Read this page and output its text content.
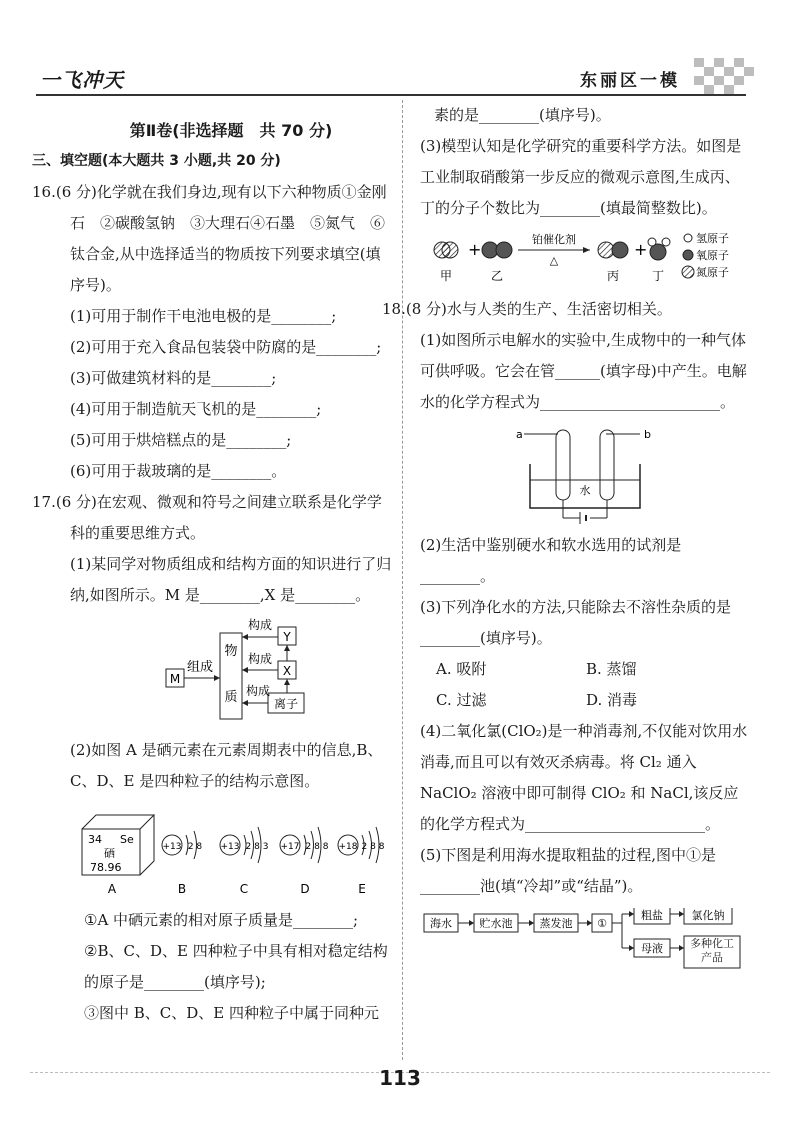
一飞冲天	东丽区一模
第Ⅱ卷(非选择题　共 70 分)
三、填空题(本大题共 3 小题,共 20 分)
16.(6 分)化学就在我们身边,现有以下六种物质①金刚石　②碳酸氢钠　③大理石④石墨　⑤氮气　⑥钛合金,从中选择适当的物质按下列要求填空(填序号)。
(1)可用于制作干电池电极的是________;
(2)可用于充入食品包装袋中防腐的是________;
(3)可做建筑材料的是________;
(4)可用于制造航天飞机的是________;
(5)可用于烘焙糕点的是________;
(6)可用于裁玻璃的是________。
17.(6 分)在宏观、微观和符号之间建立联系是化学学科的重要思维方式。
(1)某同学对物质组成和结构方面的知识进行了归纳,如图所示。M 是________,X 是________。
M
组成
物
质
Y
X
离子
构成
构成
构成
(2)如图 A 是硒元素在元素周期表中的信息,B、C、D、E 是四种粒子的结构示意图。
34 Se
硒
78.96
A
+13 2 8
B
+13 2 8 3
C
+17 2 8 8
D
+18 2 8 8
E
①A 中硒元素的相对原子质量是________;
②B、C、D、E 四种粒子中具有相对稳定结构的原子是________(填序号);
③图中 B、C、D、E 四种粒子中属于同种元
素的是________(填序号)。
(3)模型认知是化学研究的重要科学方法。如图是工业制取硝酸第一步反应的微观示意图,生成丙、丁的分子个数比为________(填最简整数比)。
甲
+
乙
铂催化剂
△
丙
+
丁
氢原子
氧原子
氮原子
18.(8 分)水与人类的生产、生活密切相关。
(1)如图所示电解水的实验中,生成物中的一种气体可供呼吸。它会在管______(填字母)中产生。电解水的化学方程式为________________________。
a	b
水
(2)生活中鉴别硬水和软水选用的试剂是________。
(3)下列净化水的方法,只能除去不溶性杂质的是________(填序号)。
A. 吸附	B. 蒸馏
C. 过滤	D. 消毒
(4)二氧化氯(ClO₂)是一种消毒剂,不仅能对饮用水消毒,而且可以有效灭杀病毒。将 Cl₂ 通入 NaClO₂ 溶液中即可制得 ClO₂ 和 NaCl,该反应的化学方程式为________________________。
(5)下图是利用海水提取粗盐的过程,图中①是________池(填“冷却”或“结晶”)。
海水	贮水池 蒸发池 ①
粗盐	氯化钠
母液	多种化工产品
113
